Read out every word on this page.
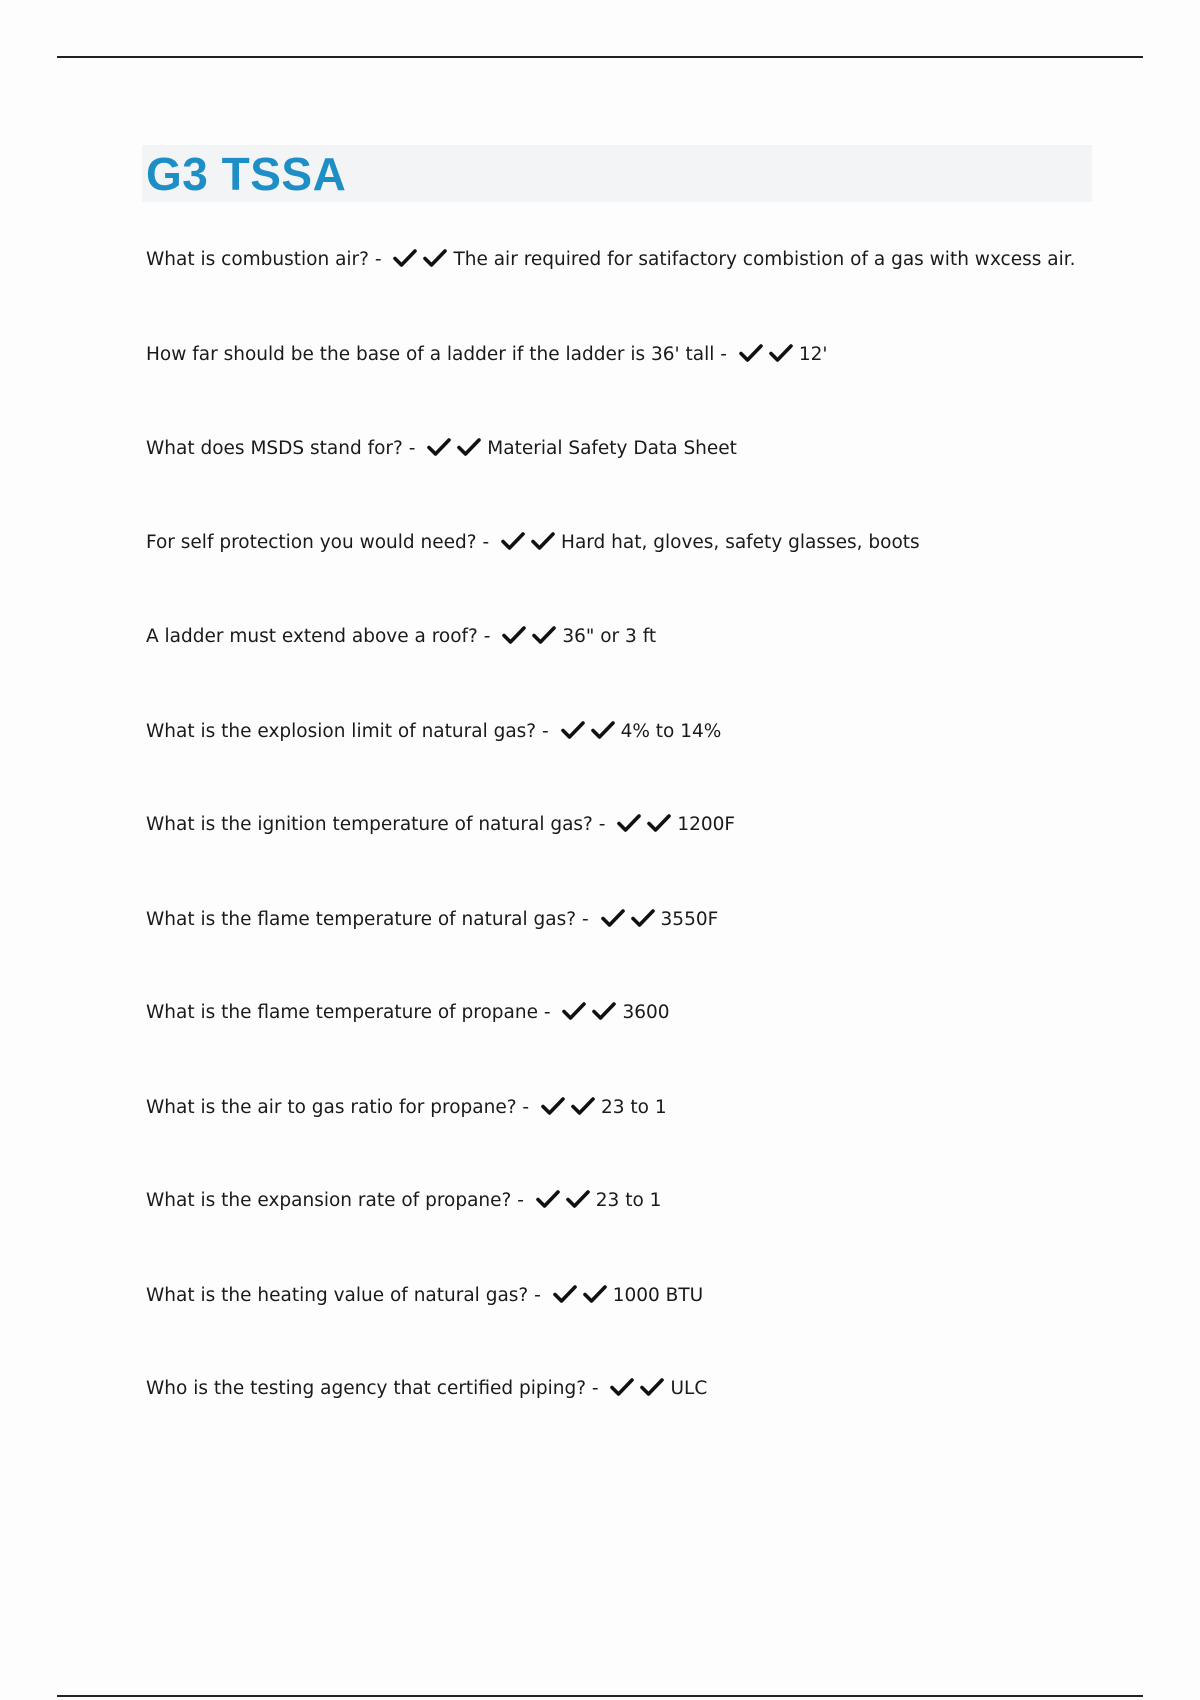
G3 TSSA
What is combustion air? -	The air required for satifactory combistion of a gas with wxcess air.
How far should be the base of a ladder if the ladder is 36' tall -	12'
What does MSDS stand for? -	Material Safety Data Sheet
For self protection you would need? -	Hard hat, gloves, safety glasses, boots
A ladder must extend above a roof? -	36" or 3 ft
What is the explosion limit of natural gas? -	4% to 14%
What is the ignition temperature of natural gas? -	1200F
What is the flame temperature of natural gas? -	3550F
What is the flame temperature of propane -	3600
What is the air to gas ratio for propane? -	23 to 1
What is the expansion rate of propane? -	23 to 1
What is the heating value of natural gas? -	1000 BTU
Who is the testing agency that certified piping? -	ULC
